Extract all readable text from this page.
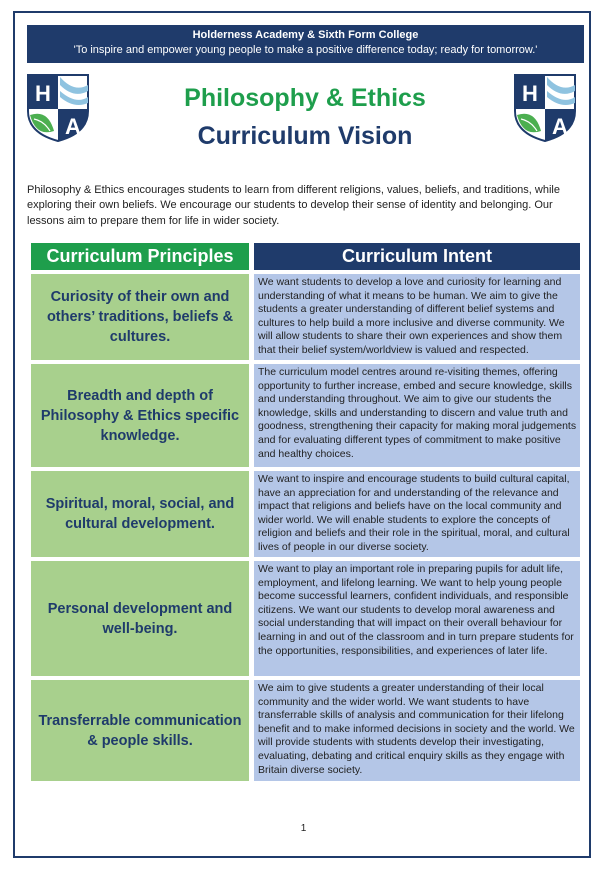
Holderness Academy & Sixth Form College
'To inspire and empower young people to make a positive difference today; ready for tomorrow.'
H
A
H
A
Philosophy & Ethics
Curriculum Vision
Philosophy & Ethics encourages students to learn from different religions, values, beliefs, and traditions, while exploring their own beliefs. We encourage our students to develop their sense of identity and belonging. Our lessons aim to prepare them for life in wider society.
Curriculum Principles	Curriculum Intent
Curiosity of their own and others’ traditions, beliefs & cultures.
We want students to develop a love and curiosity for learning and understanding of what it means to be human. We aim to give the students a greater understanding of different belief systems and cultures to help build a more inclusive and diverse community. We will allow students to share their own experiences and show them that their belief system/worldview is valued and respected.
Breadth and depth of Philosophy & Ethics specific knowledge.
The curriculum model centres around re-visiting themes, offering opportunity to further increase, embed and secure knowledge, skills and understanding throughout. We aim to give our students the knowledge, skills and understanding to discern and value truth and goodness, strengthening their capacity for making moral judgements and for evaluating different types of commitment to make positive and healthy choices.
Spiritual, moral, social, and cultural development.
We want to inspire and encourage students to build cultural capital, have an appreciation for and understanding of the relevance and impact that religions and beliefs have on the local community and wider world. We will enable students to explore the concepts of religion and beliefs and their role in the spiritual, moral, and cultural lives of people in our diverse society.
Personal development and well-being.
We want to play an important role in preparing pupils for adult life, employment, and lifelong learning. We want to help young people become successful learners, confident individuals, and responsible citizens. We want our students to develop moral awareness and social understanding that will impact on their overall behaviour for learning in and out of the classroom and in turn prepare students for the opportunities, responsibilities, and experiences of later life.
Transferrable communication & people skills.
We aim to give students a greater understanding of their local community and the wider world. We want students to have transferrable skills of analysis and communication for their lifelong benefit and to make informed decisions in society and the world. We will provide students with students develop their investigating, evaluating, debating and critical enquiry skills as they engage with Britain diverse society.
1
